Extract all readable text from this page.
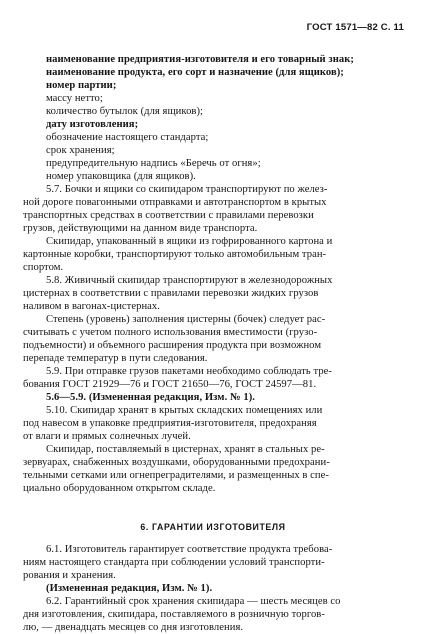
ГОСТ 1571—82 С. 11
наименование предприятия-изготовителя и его товарный знак;
наименование продукта, его сорт и назначение (для ящиков);
номер партии;
массу нетто;
количество бутылок (для ящиков);
дату изготовления;
обозначение настоящего стандарта;
срок хранения;
предупредительную надпись «Беречь от огня»;
номер упаковщика (для ящиков).
5.7. Бочки и ящики со скипидаром транспортируют по желез-
ной дороге повагонными отправками и автотранспортом в крытых
транспортных средствах в соответствии с правилами перевозки
грузов, действующими на данном виде транспорта.
Скипидар, упакованный в ящики из гофрированного картона и
картонные коробки, транспортируют только автомобильным тран-
спортом.
5.8. Живичный скипидар транспортируют в железнодорожных
цистернах в соответствии с правилами перевозки жидких грузов
наливом в вагонах-цистернах.
Степень (уровень) заполнения цистерны (бочек) следует рас-
считывать с учетом полного использования вместимости (грузо-
подъемности) и объемного расширения продукта при возможном
перепаде температур в пути следования.
5.9. При отправке грузов пакетами необходимо соблюдать тре-
бования ГОСТ 21929—76 и ГОСТ 21650—76, ГОСТ 24597—81.
5.6—5.9. (Измененная редакция, Изм. № 1).
5.10. Скипидар хранят в крытых складских помещениях или
под навесом в упаковке предприятия-изготовителя, предохраняя
от влаги и прямых солнечных лучей.
Скипидар, поставляемый в цистернах, хранят в стальных ре-
зервуарах, снабженных воздушками, оборудованными предохрани-
тельными сетками или огнепреградителями, и размещенных в спе-
циально оборудованном открытом складе.
6. ГАРАНТИИ ИЗГОТОВИТЕЛЯ
6.1. Изготовитель гарантирует соответствие продукта требова-
ниям настоящего стандарта при соблюдении условий транспорти-
рования и хранения.
(Измененная редакция, Изм. № 1).
6.2. Гарантийный срок хранения скипидара — шесть месяцев со
дня изготовления, скипидара, поставляемого в розничную торгов-
лю, — двенадцать месяцев со дня изготовления.
